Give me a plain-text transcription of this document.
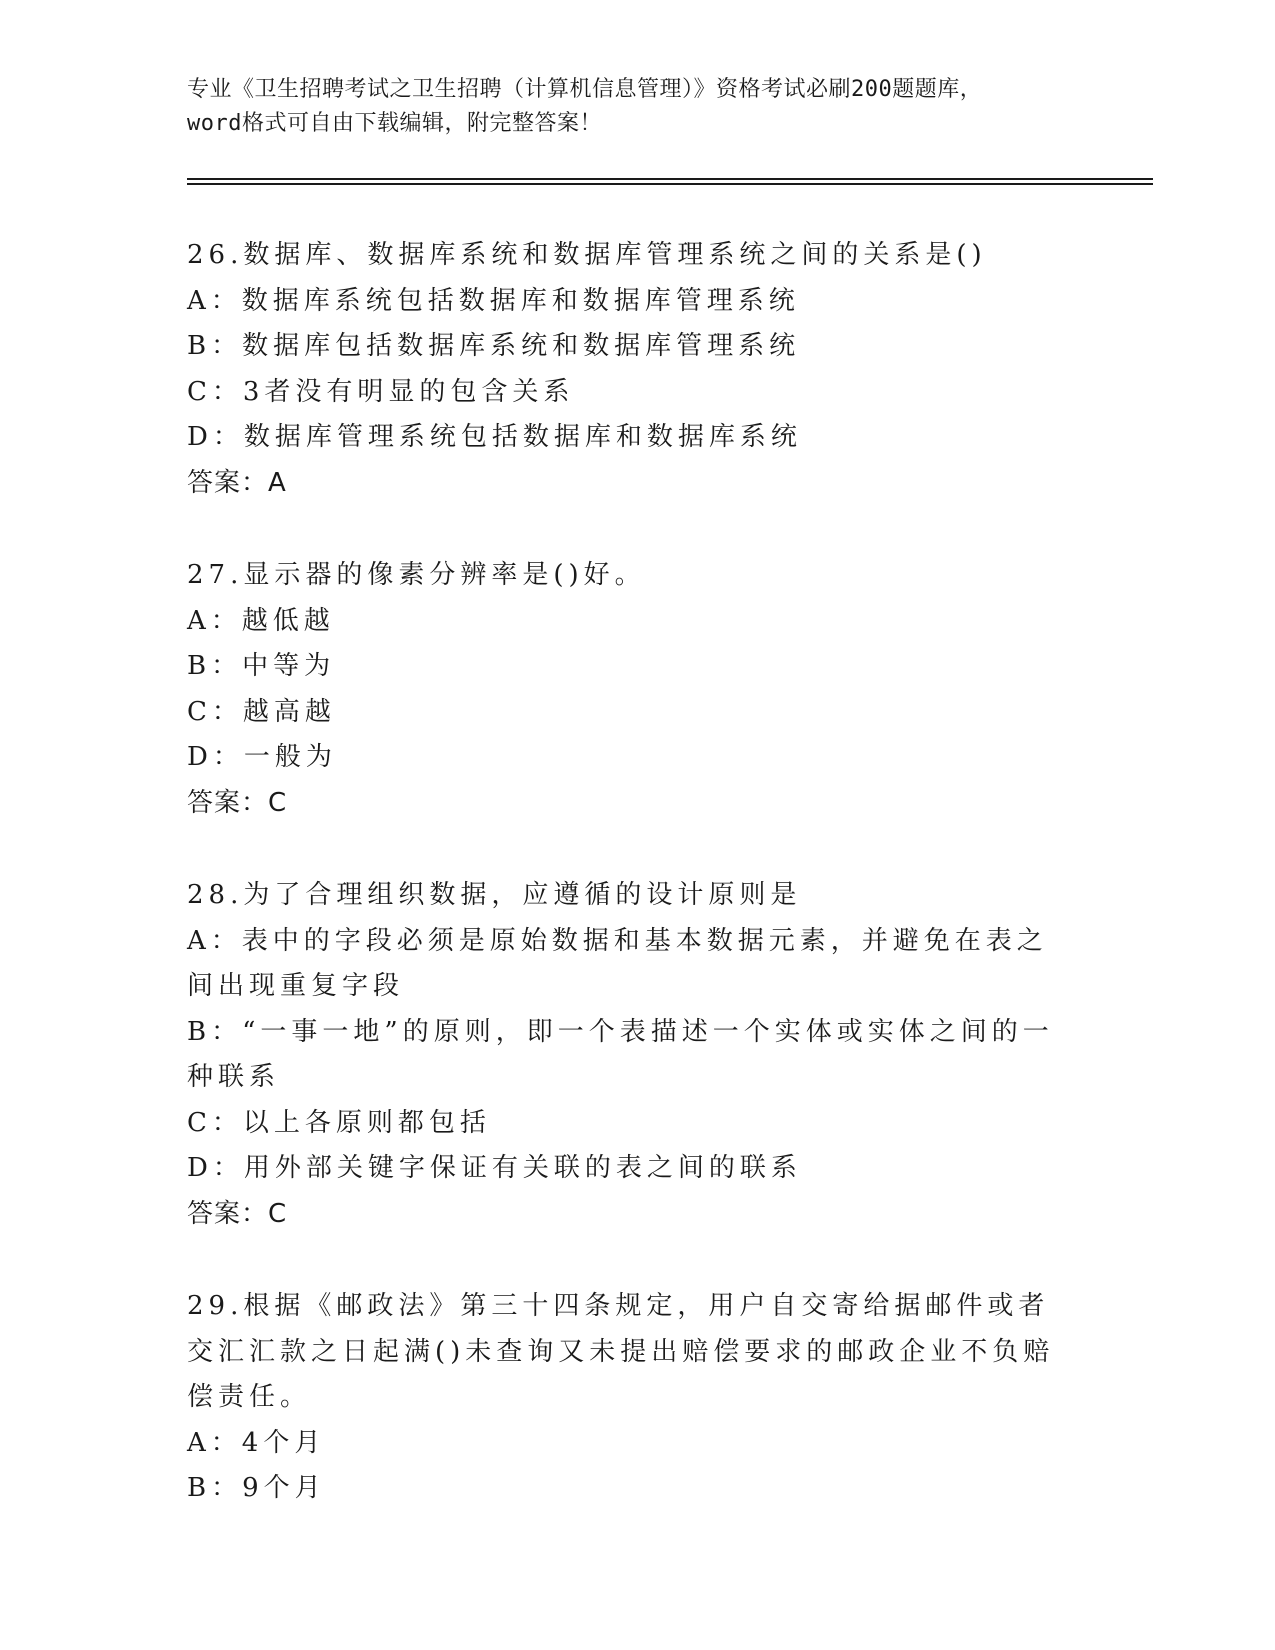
专业《卫生招聘考试之卫生招聘（计算机信息管理）》资格考试必刷200题题库，
word格式可自由下载编辑，附完整答案！

26.数据库、数据库系统和数据库管理系统之间的关系是()

A：数据库系统包括数据库和数据库管理系统

B：数据库包括数据库系统和数据库管理系统

C：3者没有明显的包含关系

D：数据库管理系统包括数据库和数据库系统

答案：A

27.显示器的像素分辨率是()好。

A：越低越

B：中等为

C：越高越

D：一般为

答案：C

28.为了合理组织数据，应遵循的设计原则是

A：表中的字段必须是原始数据和基本数据元素，并避免在表之间出现重复字段

B：“一事一地”的原则，即一个表描述一个实体或实体之间的一种联系

C：以上各原则都包括

D：用外部关键字保证有关联的表之间的联系

答案：C

29.根据《邮政法》第三十四条规定，用户自交寄给据邮件或者交汇汇款之日起满()未查询又未提出赔偿要求的邮政企业不负赔偿责任。

A：4个月

B：9个月
